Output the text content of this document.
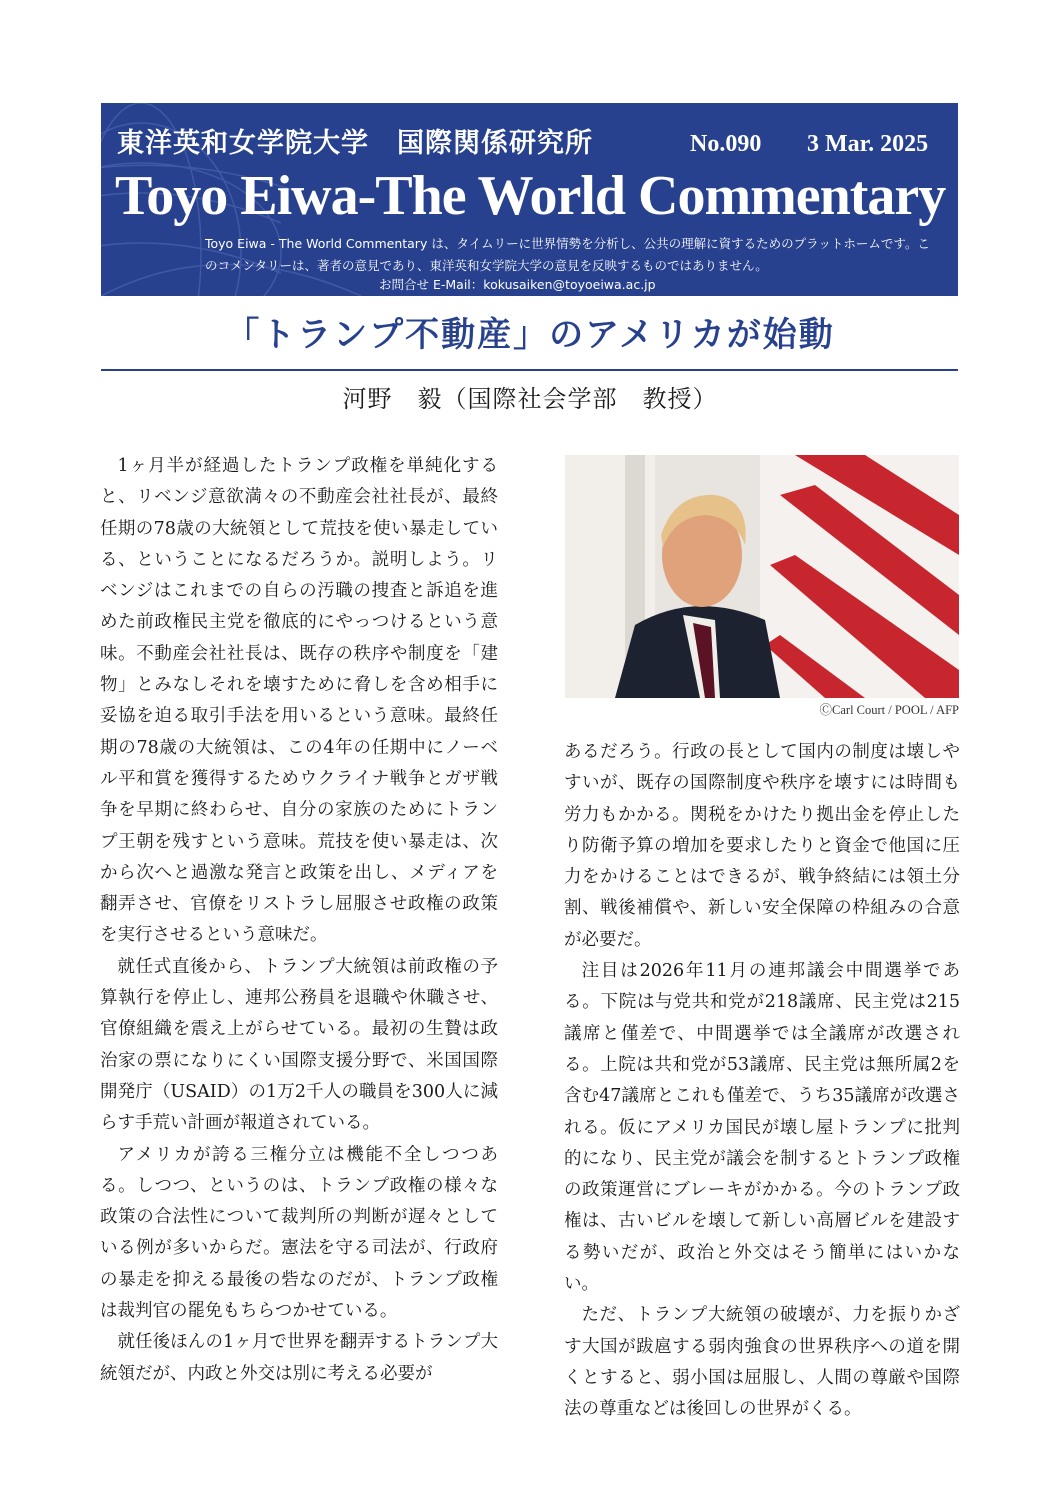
東洋英和女学院大学　国際関係研究所	No.090 3 Mar. 2025
Toyo Eiwa-The World Commentary
Toyo Eiwa - The World Commentary は、タイムリーに世界情勢を分析し、公共の理解に資するためのプラットホームです。このコメンタリーは、著者の意見であり、東洋英和女学院大学の意見を反映するものではありません。
お問合せ E-Mail：kokusaiken@toyoeiwa.ac.jp
「トランプ不動産」のアメリカが始動
河野　毅（国際社会学部　教授）

1ヶ月半が経過したトランプ政権を単純化すると、リベンジ意欲満々の不動産会社社長が、最終任期の78歳の大統領として荒技を使い暴走している、ということになるだろうか。説明しよう。リベンジはこれまでの自らの汚職の捜査と訴追を進めた前政権民主党を徹底的にやっつけるという意味。不動産会社社長は、既存の秩序や制度を「建物」とみなしそれを壊すために脅しを含め相手に妥協を迫る取引手法を用いるという意味。最終任期の78歳の大統領は、この4年の任期中にノーベル平和賞を獲得するためウクライナ戦争とガザ戦争を早期に終わらせ、自分の家族のためにトランプ王朝を残すという意味。荒技を使い暴走は、次から次へと過激な発言と政策を出し、メディアを翻弄させ、官僚をリストラし屈服させ政権の政策を実行させるという意味だ。

就任式直後から、トランプ大統領は前政権の予算執行を停止し、連邦公務員を退職や休職させ、官僚組織を震え上がらせている。最初の生贄は政治家の票になりにくい国際支援分野で、米国国際開発庁（USAID）の1万2千人の職員を300人に減らす手荒い計画が報道されている。

アメリカが誇る三権分立は機能不全しつつある。しつつ、というのは、トランプ政権の様々な政策の合法性について裁判所の判断が遅々としている例が多いからだ。憲法を守る司法が、行政府の暴走を抑える最後の砦なのだが、トランプ政権は裁判官の罷免もちらつかせている。

就任後ほんの1ヶ月で世界を翻弄するトランプ大統領だが、内政と外交は別に考える必要が

ⒸCarl Court / POOL / AFP

あるだろう。行政の長として国内の制度は壊しやすいが、既存の国際制度や秩序を壊すには時間も労力もかかる。関税をかけたり拠出金を停止したり防衛予算の増加を要求したりと資金で他国に圧力をかけることはできるが、戦争終結には領土分割、戦後補償や、新しい安全保障の枠組みの合意が必要だ。

注目は2026年11月の連邦議会中間選挙である。下院は与党共和党が218議席、民主党は215議席と僅差で、中間選挙では全議席が改選される。上院は共和党が53議席、民主党は無所属2を含む47議席とこれも僅差で、うち35議席が改選される。仮にアメリカ国民が壊し屋トランプに批判的になり、民主党が議会を制するとトランプ政権の政策運営にブレーキがかかる。今のトランプ政権は、古いビルを壊して新しい高層ビルを建設する勢いだが、政治と外交はそう簡単にはいかない。

ただ、トランプ大統領の破壊が、力を振りかざす大国が跋扈する弱肉強食の世界秩序への道を開くとすると、弱小国は屈服し、人間の尊厳や国際法の尊重などは後回しの世界がくる。
